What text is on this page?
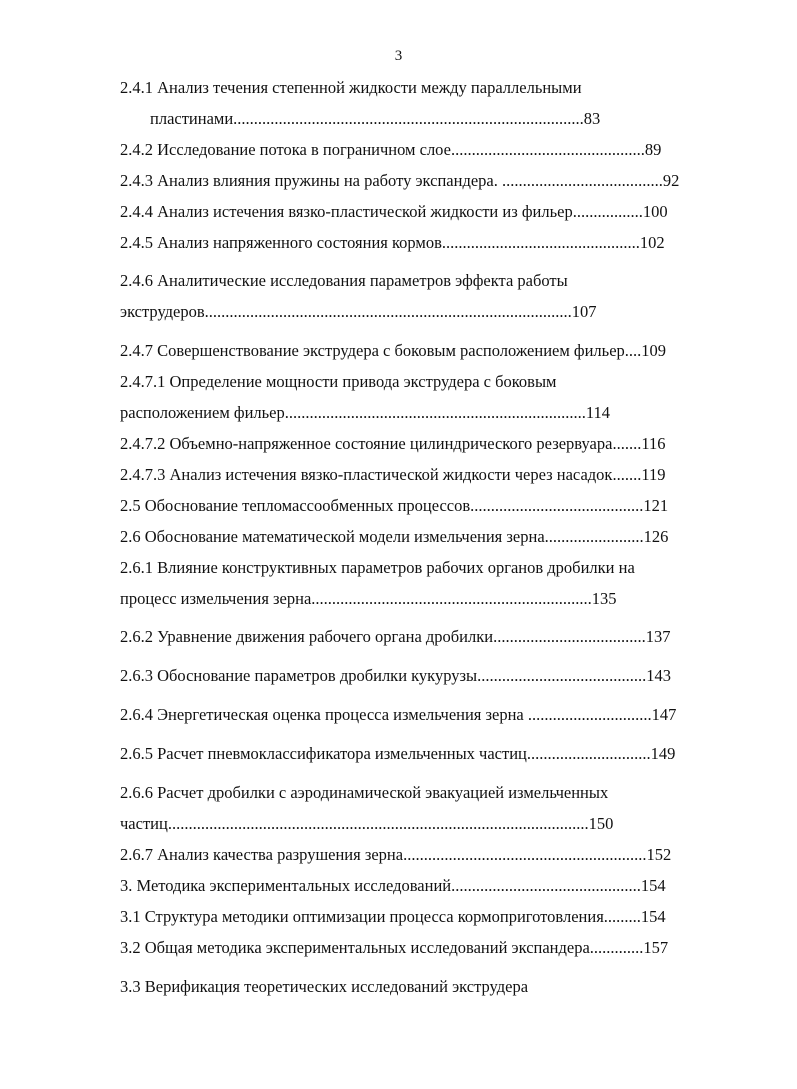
3
2.4.1 Анализ течения степенной жидкости между параллельными
пластинами.....................................................................................83
2.4.2 Исследование потока в пограничном слое...............................................89
2.4.3 Анализ влияния пружины на работу экспандера. .......................................92
2.4.4 Анализ истечения вязко-пластической жидкости из фильер.................100
2.4.5 Анализ напряженного состояния кормов................................................102
2.4.6 Аналитические исследования параметров эффекта работы
экструдеров.........................................................................................107
2.4.7 Совершенствование экструдера с боковым расположением фильер....109
2.4.7.1 Определение мощности привода экструдера с боковым
расположением фильер.........................................................................114
2.4.7.2 Объемно-напряженное состояние цилиндрического резервуара.......116
2.4.7.3 Анализ истечения вязко-пластической жидкости через насадок.......119
2.5 Обоснование тепломассообменных процессов..........................................121
2.6 Обоснование математической модели измельчения зерна........................126
2.6.1 Влияние конструктивных параметров рабочих органов дробилки на
процесс измельчения зерна....................................................................135
2.6.2 Уравнение движения рабочего органа дробилки.....................................137
2.6.3 Обоснование параметров дробилки кукурузы.........................................143
2.6.4 Энергетическая оценка процесса измельчения зерна ..............................147
2.6.5 Расчет пневмоклассификатора измельченных частиц..............................149
2.6.6 Расчет дробилки с аэродинамической эвакуацией измельченных
частиц......................................................................................................150
2.6.7 Анализ качества разрушения зерна...........................................................152
3. Методика экспериментальных исследований..............................................154
3.1 Структура методики оптимизации процесса кормоприготовления.........154
3.2 Общая методика экспериментальных исследований экспандера.............157
3.3 Верификация теоретических исследований экструдера
